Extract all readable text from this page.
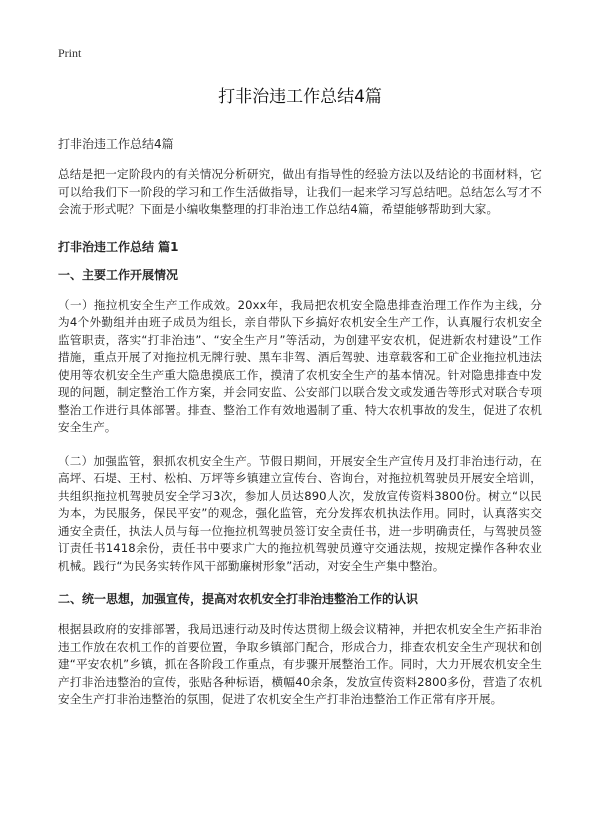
Print
打非治违工作总结4篇
打非治违工作总结4篇

总结是把一定阶段内的有关情况分析研究，做出有指导性的经验方法以及结论的书面材料，它可以给我们下一阶段的学习和工作生活做指导，让我们一起来学习写总结吧。总结怎么写才不会流于形式呢？下面是小编收集整理的打非治违工作总结4篇，希望能够帮助到大家。

打非治违工作总结 篇1
一、主要工作开展情况

（一）拖拉机安全生产工作成效。20xx年，我局把农机安全隐患排查治理工作作为主线，分为4个外勤组并由班子成员为组长，亲自带队下乡搞好农机安全生产工作，认真履行农机安全监管职责，落实“打非治违”、“安全生产月”等活动，为创建平安农机，促进新农村建设”工作措施，重点开展了对拖拉机无牌行驶、黑车非驾、酒后驾驶、违章载客和工矿企业拖拉机违法使用等农机安全生产重大隐患摸底工作，摸清了农机安全生产的基本情况。针对隐患排查中发现的问题，制定整治工作方案，并会同安监、公安部门以联合发文或发通告等形式对联合专项整治工作进行具体部署。排查、整治工作有效地遏制了重、特大农机事故的发生，促进了农机安全生产。

（二）加强监管，狠抓农机安全生产。节假日期间，开展安全生产宣传月及打非治违行动，在高坪、石堤、王村、松柏、万坪等乡镇建立宣传台、咨询台，对拖拉机驾驶员开展安全培训，共组织拖拉机驾驶员安全学习3次，参加人员达890人次，发放宣传资料3800份。树立“以民为本，为民服务，保民平安”的观念，强化监管，充分发挥农机执法作用。同时，认真落实交通安全责任，执法人员与每一位拖拉机驾驶员签订安全责任书，进一步明确责任，与驾驶员签订责任书1418余份，责任书中要求广大的拖拉机驾驶员遵守交通法规，按规定操作各种农业机械。践行“为民务实转作风干部勤廉树形象”活动，对安全生产集中整治。

二、统一思想，加强宣传，提高对农机安全打非治违整治工作的认识

根据县政府的安排部署，我局迅速行动及时传达贯彻上级会议精神，并把农机安全生产拓非治违工作放在农机工作的首要位置，争取乡镇部门配合，形成合力，排查农机安全生产现状和创建“平安农机”乡镇，抓在各阶段工作重点，有步骤开展整治工作。同时，大力开展农机安全生产打非治违整治的宣传，张贴各种标语，横幅40余条，发放宣传资料2800多份，营造了农机安全生产打非治违整治的氛围，促进了农机安全生产打非治违整治工作正常有序开展。
